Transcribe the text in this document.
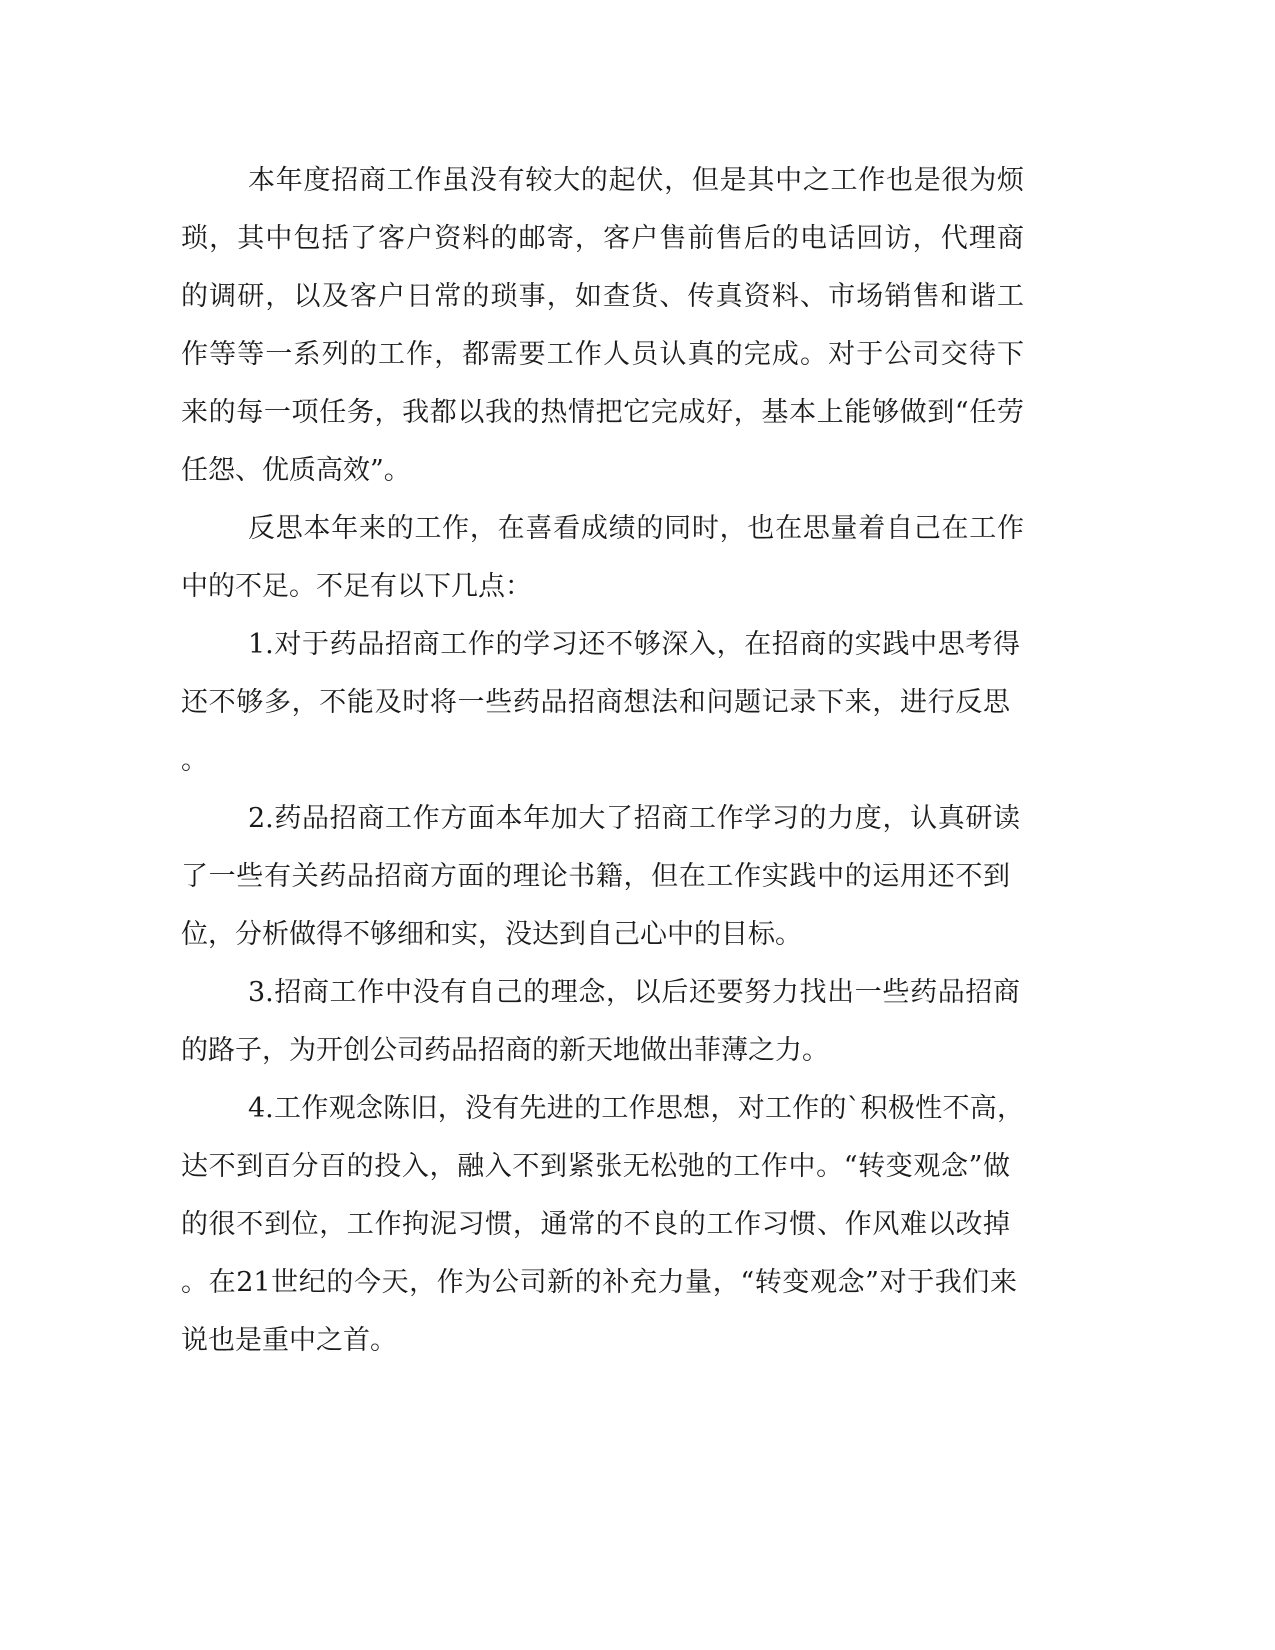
本年度招商工作虽没有较大的起伏，但是其中之工作也是很为烦

琐，其中包括了客户资料的邮寄，客户售前售后的电话回访，代理商

的调研，以及客户日常的琐事，如查货、传真资料、市场销售和谐工

作等等一系列的工作，都需要工作人员认真的完成。对于公司交待下

来的每一项任务，我都以我的热情把它完成好，基本上能够做到“任劳

任怨、优质高效”。

反思本年来的工作，在喜看成绩的同时，也在思量着自己在工作

中的不足。不足有以下几点：

1.对于药品招商工作的学习还不够深入，在招商的实践中思考得

还不够多，不能及时将一些药品招商想法和问题记录下来，进行反思

。

2.药品招商工作方面本年加大了招商工作学习的力度，认真研读

了一些有关药品招商方面的理论书籍，但在工作实践中的运用还不到

位，分析做得不够细和实，没达到自己心中的目标。

3.招商工作中没有自己的理念，以后还要努力找出一些药品招商

的路子，为开创公司药品招商的新天地做出菲薄之力。

4.工作观念陈旧，没有先进的工作思想，对工作的`积极性不高，

达不到百分百的投入，融入不到紧张无松弛的工作中。“转变观念”做

的很不到位，工作拘泥习惯，通常的不良的工作习惯、作风难以改掉

。在21世纪的今天，作为公司新的补充力量，“转变观念”对于我们来

说也是重中之首。
